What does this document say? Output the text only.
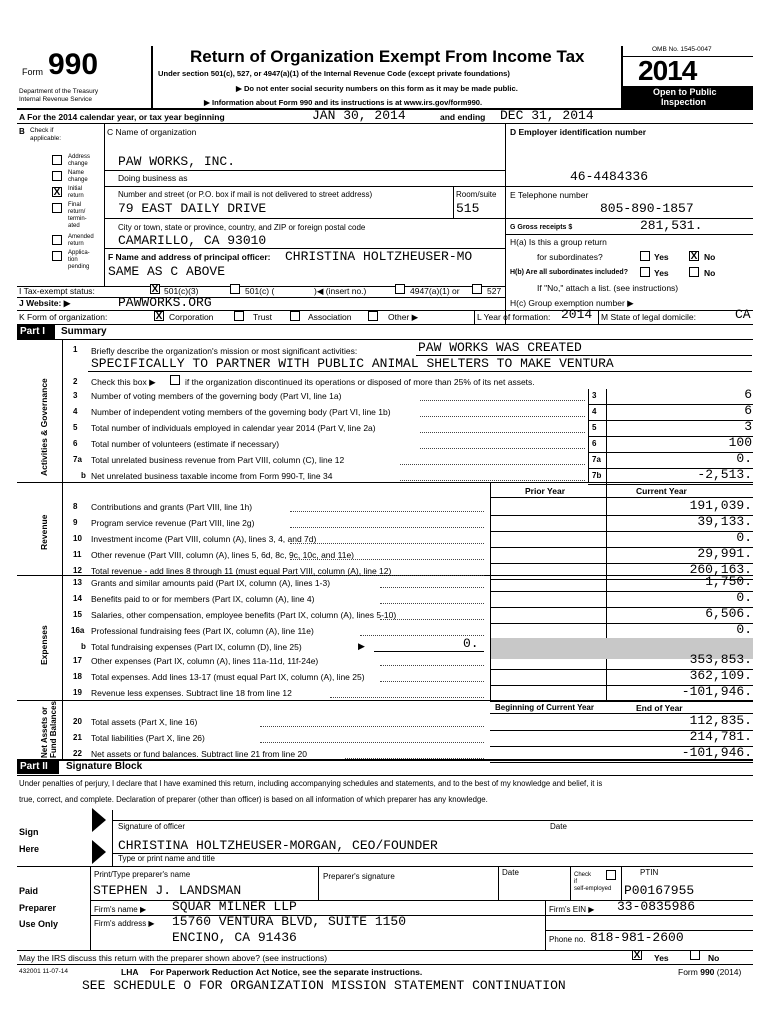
Form 990
Department of the Treasury
Internal Revenue Service
Return of Organization Exempt From Income Tax
Under section 501(c), 527, or 4947(a)(1) of the Internal Revenue Code (except private foundations)
▶ Do not enter social security numbers on this form as it may be made public.
▶ Information about Form 990 and its instructions is at www.irs.gov/form990.
OMB No. 1545-0047
2014
Open to Public
Inspection
A For the 2014 calendar year, or tax year beginning	JAN 30, 2014	and ending DEC 31, 2014
B Check if
applicable:
Address
change
Name
change
X Initial
return
Final
return/
termin-
ated
Amended
return
Applica-
tion
pending
C Name of organization
PAW WORKS, INC.
Doing business as
Number and street (or P.O. box if mail is not delivered to street address)	Room/suite
79 EAST DAILY DRIVE	515
City or town, state or province, country, and ZIP or foreign postal code
CAMARILLO, CA 93010
F Name and address of principal officer: CHRISTINA HOLTZHEUSER-MO
SAME AS C ABOVE
D Employer identification number
46-4484336
E Telephone number
805-890-1857
G Gross receipts $	281,531.
H(a) Is this a group return
for subordinates?	Yes X No
H(b) Are all subordinates included?	Yes	No
If "No," attach a list. (see instructions)
I Tax-exempt status:	X 501(c)(3)	501(c) (	)◀ (insert no.)	4947(a)(1) or	527
J Website: ▶	PAWWORKS.ORG	H(c) Group exemption number ▶
K Form of organization:	X Corporation	Trust	Association	Other ▶	L Year of formation: 2014 M State of legal domicile:	CA
Part I	Summary
Activities & Governance
Revenue
Expenses
Net Assets or Fund Balances
1 Briefly describe the organization's mission or most significant activities:	PAW WORKS WAS CREATED
SPECIFICALLY TO PARTNER WITH PUBLIC ANIMAL SHELTERS TO MAKE VENTURA
2 Check this box ▶	if the organization discontinued its operations or disposed of more than 25% of its net assets.
3 Number of voting members of the governing body (Part VI, line 1a)	3	6
4 Number of independent voting members of the governing body (Part VI, line 1b)	4	6
5 Total number of individuals employed in calendar year 2014 (Part V, line 2a)	5	3
6 Total number of volunteers (estimate if necessary)	6	100
7a Total unrelated business revenue from Part VIII, column (C), line 12	7a	0.
b Net unrelated business taxable income from Form 990-T, line 34	7b	-2,513.
Prior Year	Current Year
8 Contributions and grants (Part VIII, line 1h)	191,039.
9 Program service revenue (Part VIII, line 2g)	39,133.
10 Investment income (Part VIII, column (A), lines 3, 4, and 7d)	0.
11 Other revenue (Part VIII, column (A), lines 5, 6d, 8c, 9c, 10c, and 11e)	29,991.
12 Total revenue - add lines 8 through 11 (must equal Part VIII, column (A), line 12)	260,163.
13 Grants and similar amounts paid (Part IX, column (A), lines 1-3)	1,750.
14 Benefits paid to or for members (Part IX, column (A), line 4)	0.
15 Salaries, other compensation, employee benefits (Part IX, column (A), lines 5-10)	6,506.
16a Professional fundraising fees (Part IX, column (A), line 11e)	0.
b Total fundraising expenses (Part IX, column (D), line 25)	▶	0.
17 Other expenses (Part IX, column (A), lines 11a-11d, 11f-24e)	353,853.
18 Total expenses. Add lines 13-17 (must equal Part IX, column (A), line 25)	362,109.
19 Revenue less expenses. Subtract line 18 from line 12	-101,946.
Beginning of Current Year	End of Year
20 Total assets (Part X, line 16)	112,835.
21 Total liabilities (Part X, line 26)	214,781.
22 Net assets or fund balances. Subtract line 21 from line 20	-101,946.
Part II	Signature Block
Under penalties of perjury, I declare that I have examined this return, including accompanying schedules and statements, and to the best of my knowledge and belief, it is
true, correct, and complete. Declaration of preparer (other than officer) is based on all information of which preparer has any knowledge.
Sign
Here
Signature of officer	Date
CHRISTINA HOLTZHEUSER-MORGAN, CEO/FOUNDER
Type or print name and title
Paid
Preparer
Use Only
Print/Type preparer's name	Preparer's signature	Date	Check
if
self-employed
PTIN
STEPHEN J. LANDSMAN	P00167955
Firm's name ▶ SQUAR MILNER LLP	Firm's EIN ▶ 33-0835986
Firm's address ▶ 15760 VENTURA BLVD, SUITE 1150
ENCINO, CA 91436	Phone no. 818-981-2600
May the IRS discuss this return with the preparer shown above? (see instructions)	X Yes	No
432001 11-07-14	LHA For Paperwork Reduction Act Notice, see the separate instructions.	Form 990 (2014)
SEE SCHEDULE O FOR ORGANIZATION MISSION STATEMENT CONTINUATION
